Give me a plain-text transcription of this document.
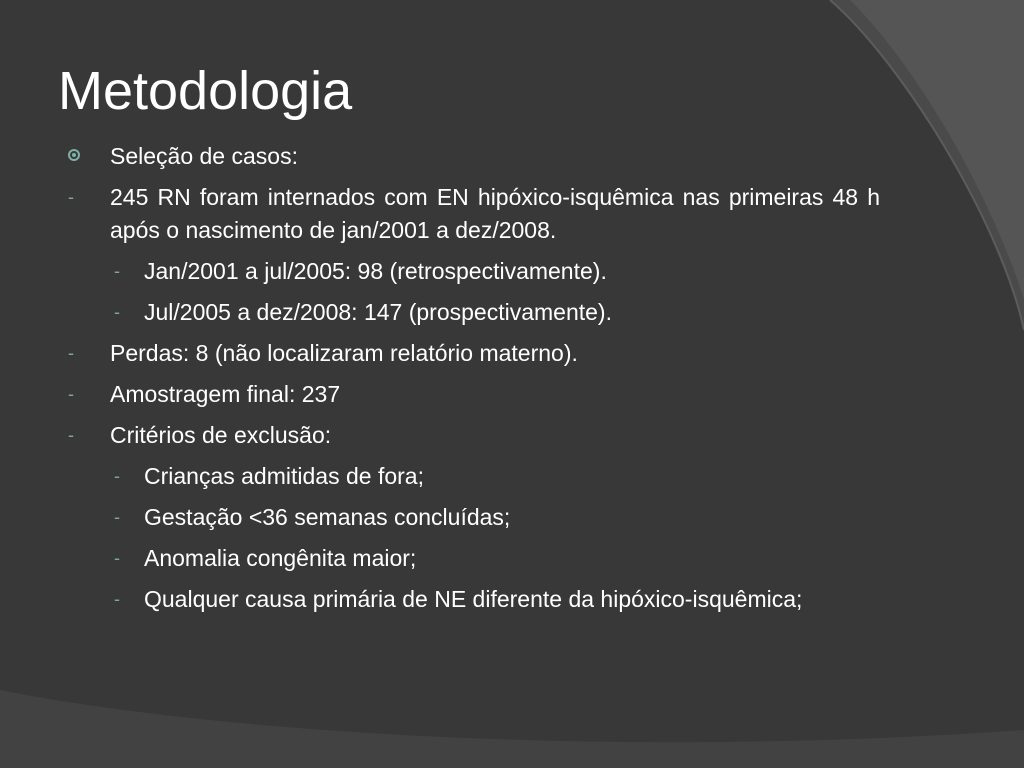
Metodologia
Seleção de casos:
- 245 RN foram internados com EN hipóxico-isquêmica nas primeiras 48 h após o nascimento de jan/2001 a dez/2008.
- Jan/2001 a jul/2005: 98 (retrospectivamente).
- Jul/2005 a dez/2008: 147 (prospectivamente).
- Perdas: 8 (não localizaram relatório materno).
- Amostragem final: 237
- Critérios de exclusão:
- Crianças admitidas de fora;
- Gestação <36 semanas concluídas;
- Anomalia congênita maior;
- Qualquer causa primária de NE diferente da hipóxico-isquêmica;
